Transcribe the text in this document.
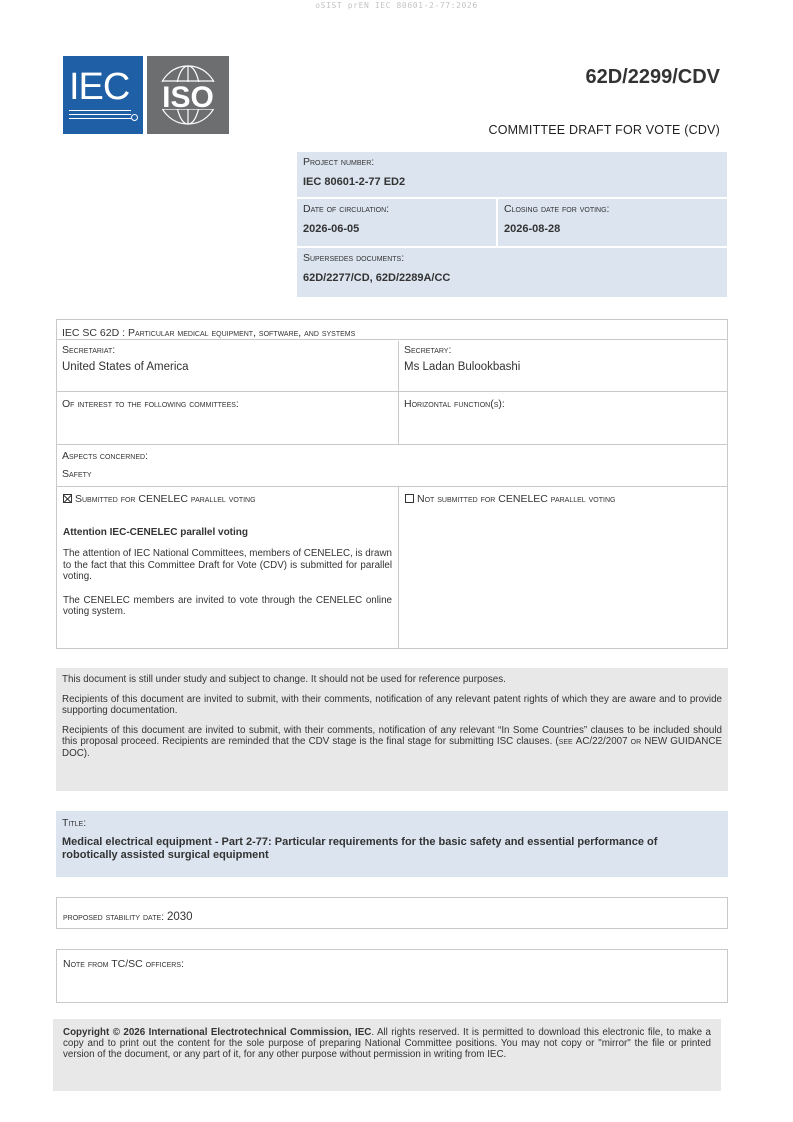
oSIST prEN IEC 80601-2-77:2026
IEC ISO
62D/2299/CDV
COMMITTEE DRAFT FOR VOTE (CDV)
Project number:
IEC 80601-2-77 ED2
Date of circulation:
2026-06-05
Closing date for voting:
2026-08-28
Supersedes documents:
62D/2277/CD, 62D/2289A/CC
IEC SC 62D : Particular medical equipment, software, and systems
Secretariat:
United States of America
Secretary:
Ms Ladan Bulookbashi
Of interest to the following committees:	Horizontal function(s):
Aspects concerned:
Safety
Submitted for CENELEC parallel voting
Attention IEC-CENELEC parallel voting
The attention of IEC National Committees, members of CENELEC, is drawn to the fact that this Committee Draft for Vote (CDV) is submitted for parallel voting.
The CENELEC members are invited to vote through the CENELEC online voting system.
Not submitted for CENELEC parallel voting
This document is still under study and subject to change. It should not be used for reference purposes.
Recipients of this document are invited to submit, with their comments, notification of any relevant patent rights of which they are aware and to provide supporting documentation.
Recipients of this document are invited to submit, with their comments, notification of any relevant “In Some Countries” clauses to be included should this proposal proceed. Recipients are reminded that the CDV stage is the final stage for submitting ISC clauses. (see AC/22/2007 or NEW GUIDANCE DOC).
Title:
Medical electrical equipment - Part 2-77: Particular requirements for the basic safety and essential performance of robotically assisted surgical equipment
proposed stability date: 2030
Note from TC/SC officers:
Copyright © 2026 International Electrotechnical Commission, IEC. All rights reserved. It is permitted to download this electronic file, to make a copy and to print out the content for the sole purpose of preparing National Committee positions. You may not copy or "mirror" the file or printed version of the document, or any part of it, for any other purpose without permission in writing from IEC.
